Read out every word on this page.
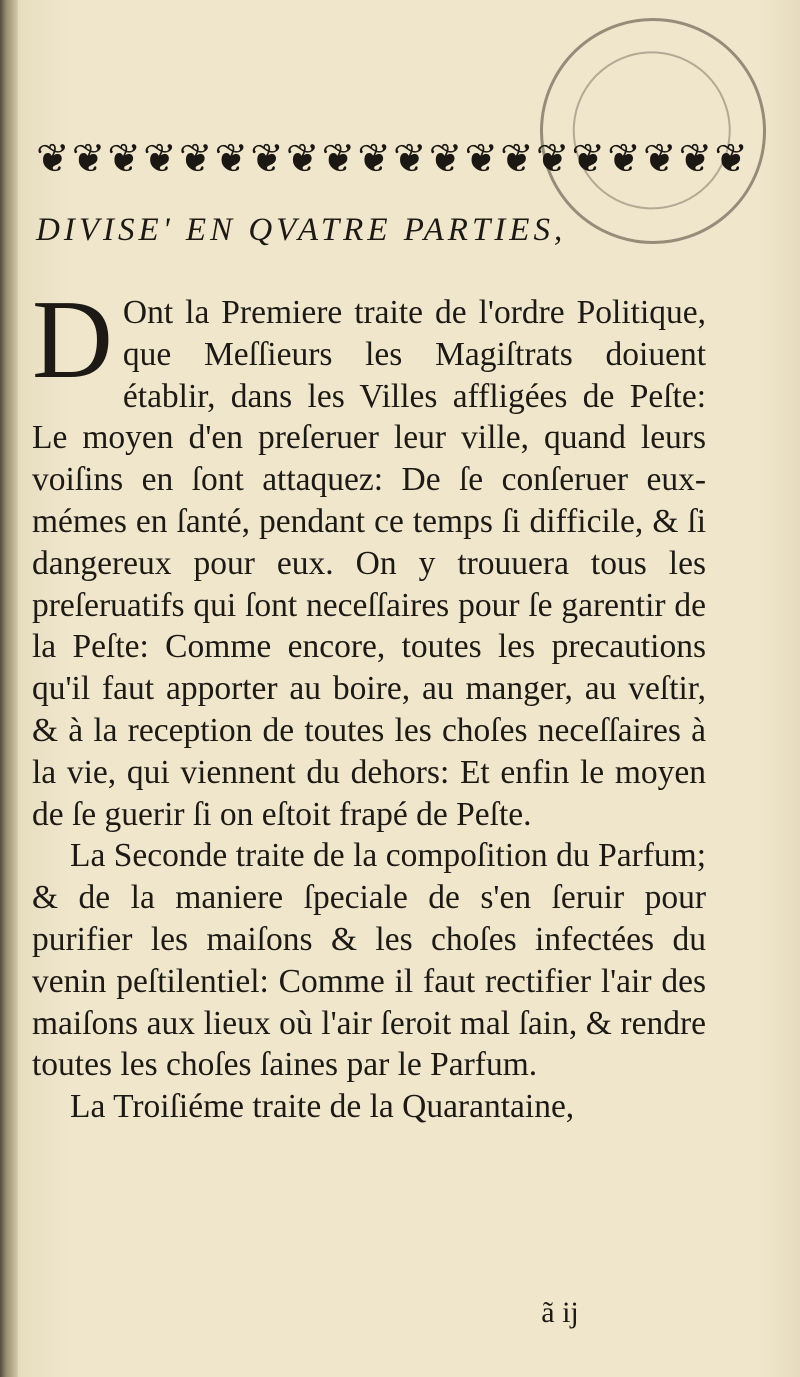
❦ ❦ ❦ ❦ ❦ ❦ ❦ ❦ ❦ ❦ ❦ ❦ ❦ ❦ ❦ ❦ ❦ ❦ ❦ ❦
DIVISE' EN QVATRE PARTIES,

D Ont la Premiere traite de l'ordre Politique, que Meſſieurs les Magiſtrats doiuent établir, dans les Villes affligées de Peſte: Le moyen d'en preſeruer leur ville, quand leurs voiſins en ſont attaquez: De ſe conſeruer eux-mémes en ſanté, pendant ce temps ſi difficile, & ſi dangereux pour eux. On y trouuera tous les preſeruatifs qui ſont neceſſaires pour ſe garentir de la Peſte: Comme encore, toutes les precautions qu'il faut apporter au boire, au manger, au veſtir, & à la reception de toutes les choſes neceſſaires à la vie, qui viennent du dehors: Et enfin le moyen de ſe guerir ſi on eſtoit frapé de Peſte.

La Seconde traite de la compoſition du Parfum; & de la maniere ſpeciale de s'en ſeruir pour purifier les maiſons & les choſes infectées du venin peſtilentiel: Comme il faut rectifier l'air des maiſons aux lieux où l'air ſeroit mal ſain, & rendre toutes les choſes ſaines par le Parfum.

La Troiſiéme traite de la Quarantaine,

ã ij
